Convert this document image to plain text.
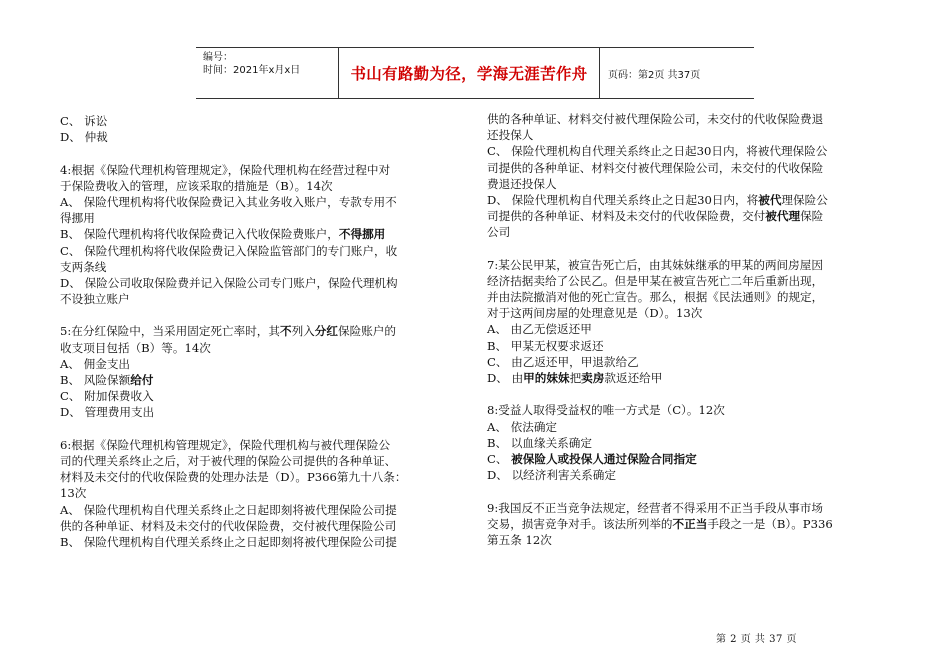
编号：
时间：2021年x月x日	书山有路勤为径，学海无涯苦作舟	页码：第2页 共37页
C、 诉讼
D、 仲裁
4:根据《保险代理机构管理规定》，保险代理机构在经营过程中对
于保险费收入的管理，应该采取的措施是（B）。14次
A、 保险代理机构将代收保险费记入其业务收入账户，专款专用不
得挪用
B、 保险代理机构将代收保险费记入代收保险费账户，不得挪用
C、 保险代理机构将代收保险费记入保险监管部门的专门账户，收
支两条线
D、 保险公司收取保险费并记入保险公司专门账户，保险代理机构
不设独立账户
5:在分红保险中，当采用固定死亡率时，其不列入分红保险账户的
收支项目包括（B）等。14次
A、 佣金支出
B、 风险保额给付
C、 附加保费收入
D、 管理费用支出
6:根据《保险代理机构管理规定》，保险代理机构与被代理保险公
司的代理关系终止之后，对于被代理的保险公司提供的各种单证、
材料及未交付的代收保险费的处理办法是（D）。P366第九十八条：
13次
A、 保险代理机构自代理关系终止之日起即刻将被代理保险公司提
供的各种单证、材料及未交付的代收保险费，交付被代理保险公司
B、 保险代理机构自代理关系终止之日起即刻将被代理保险公司提
供的各种单证、材料交付被代理保险公司，未交付的代收保险费退
还投保人
C、 保险代理机构自代理关系终止之日起30日内，将被代理保险公
司提供的各种单证、材料交付被代理保险公司，未交付的代收保险
费退还投保人
D、 保险代理机构自代理关系终止之日起30日内，将被代理保险公
司提供的各种单证、材料及未交付的代收保险费，交付被代理保险
公司
7:某公民甲某，被宣告死亡后，由其妹妹继承的甲某的两间房屋因
经济拮据卖给了公民乙。但是甲某在被宣告死亡二年后重新出现，
并由法院撤消对他的死亡宣告。那么，根据《民法通则》的规定，
对于这两间房屋的处理意见是（D）。13次
A、 由乙无偿返还甲
B、 甲某无权要求返还
C、 由乙返还甲，甲退款给乙
D、 由甲的妹妹把卖房款返还给甲
8:受益人取得受益权的唯一方式是（C）。12次
A、 依法确定
B、 以血缘关系确定
C、 被保险人或投保人通过保险合同指定
D、 以经济利害关系确定
9:我国反不正当竞争法规定，经营者不得采用不正当手段从事市场
交易，损害竞争对手。该法所列举的不正当手段之一是（B）。P336
第五条 12次
第 2 页 共 37 页
